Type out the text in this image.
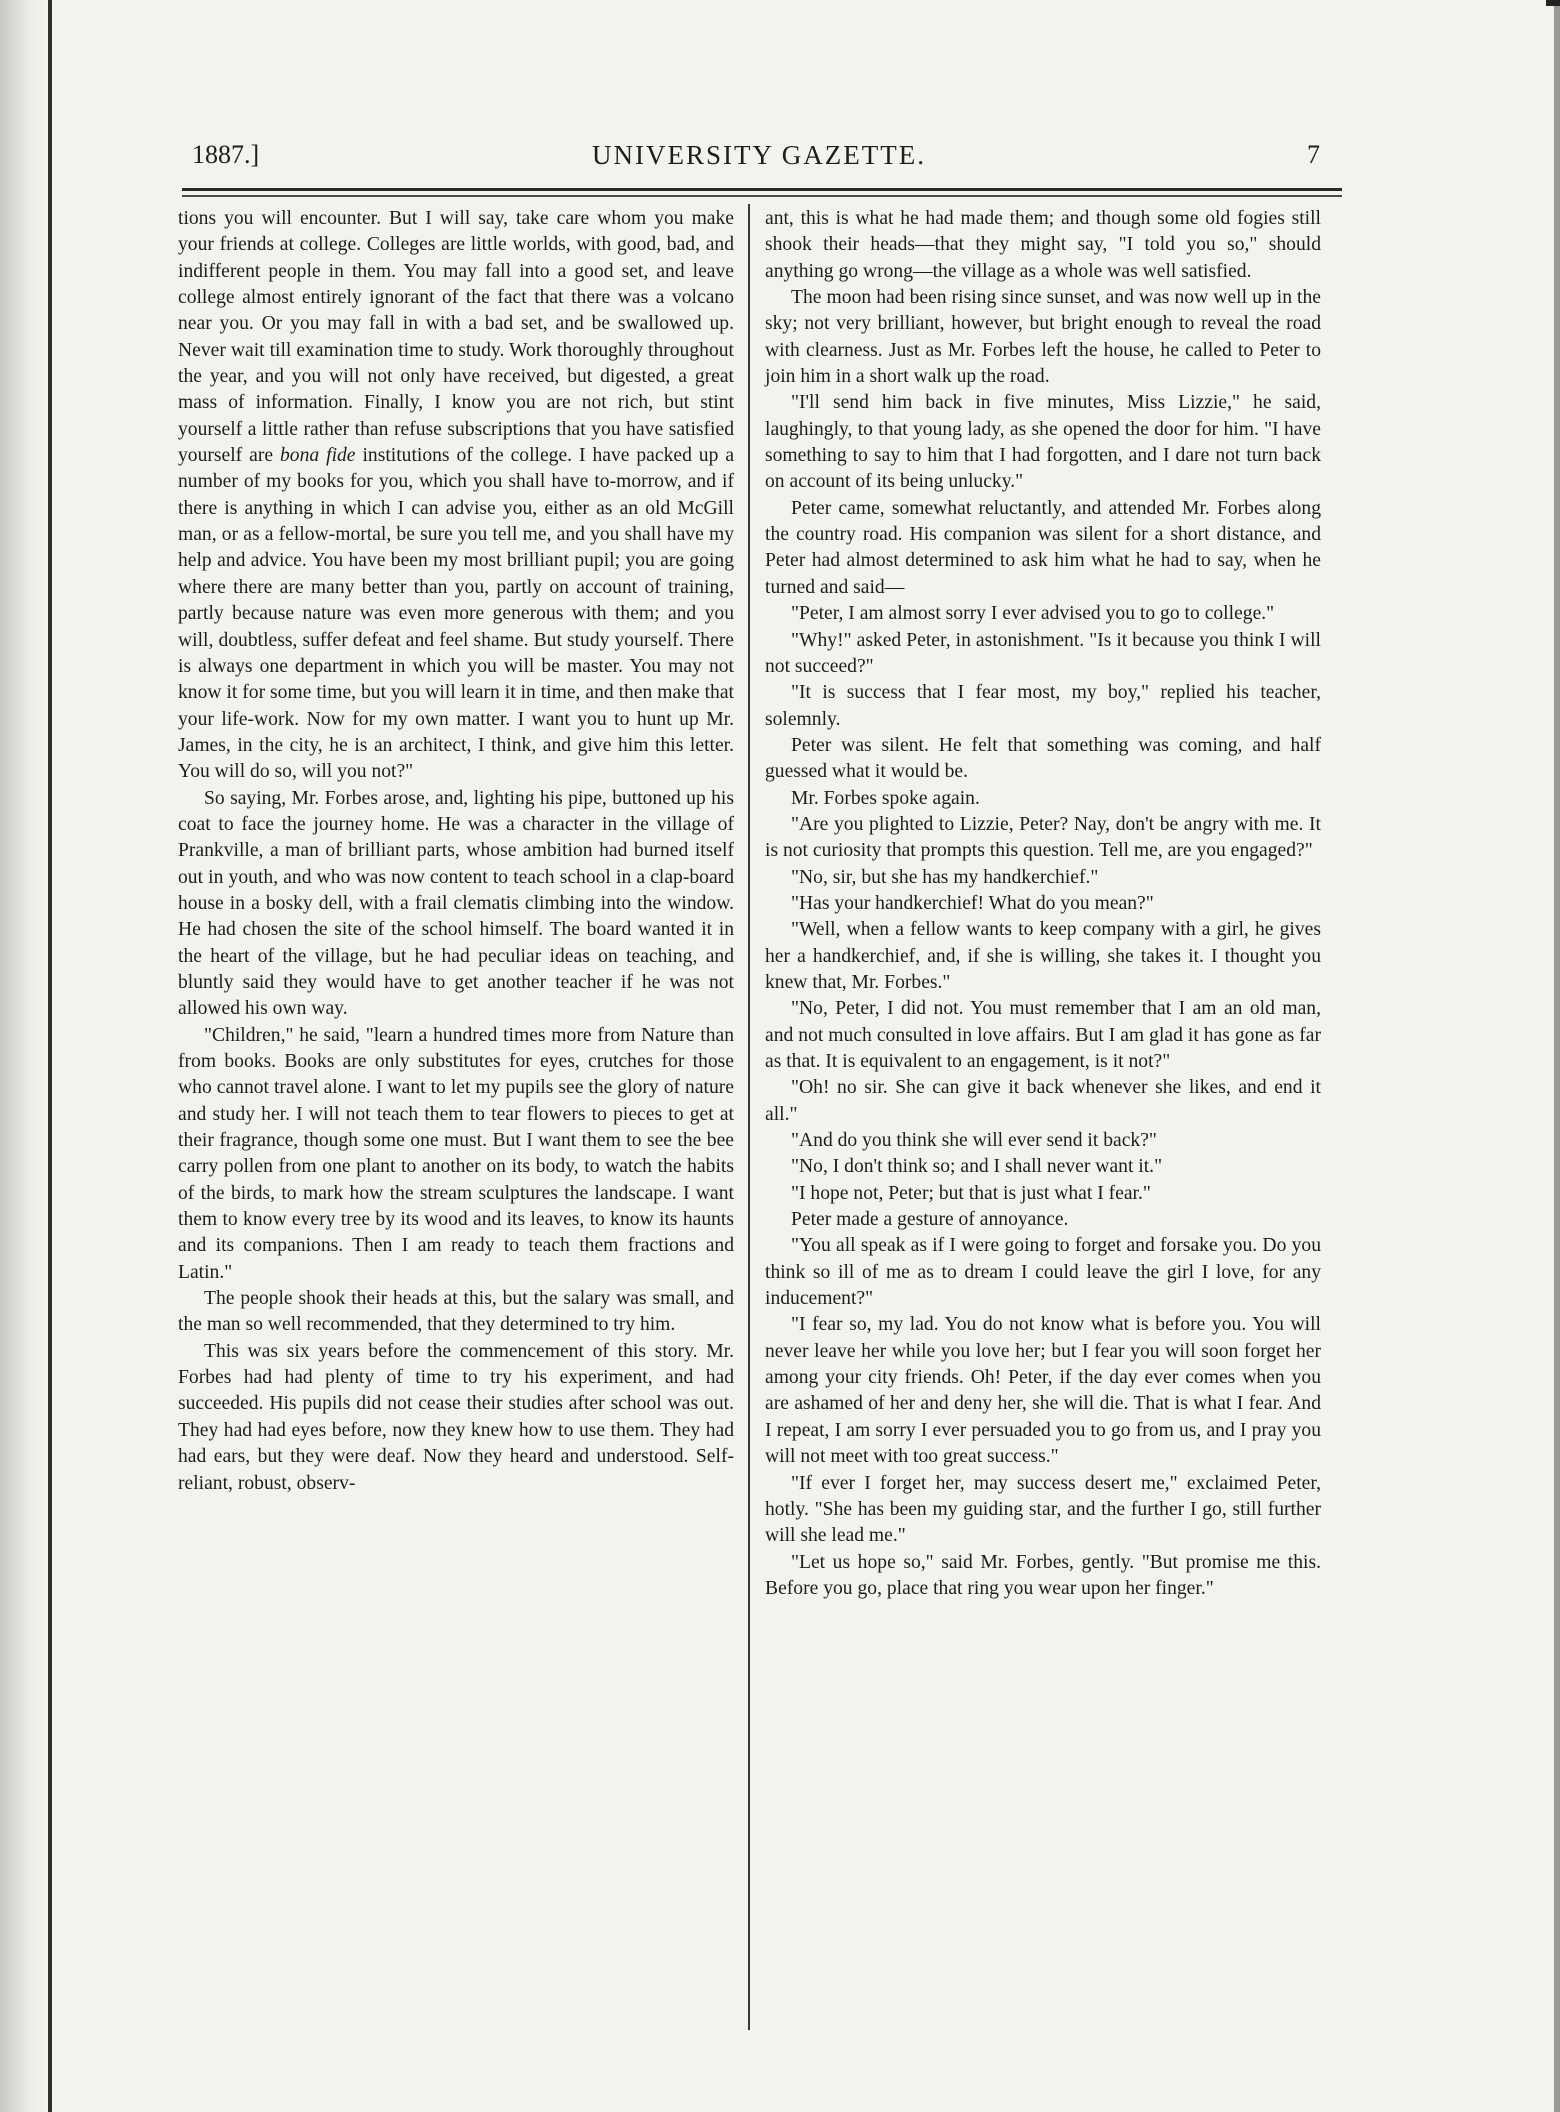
1887.]	UNIVERSITY GAZETTE.	7

tions you will encounter. But I will say, take care whom you make your friends at college. Colleges are little worlds, with good, bad, and indifferent people in them. You may fall into a good set, and leave college almost entirely ignorant of the fact that there was a volcano near you. Or you may fall in with a bad set, and be swallowed up. Never wait till examination time to study. Work thoroughly throughout the year, and you will not only have received, but digested, a great mass of information. Finally, I know you are not rich, but stint yourself a little rather than refuse subscriptions that you have satisfied yourself are bona fide institutions of the college. I have packed up a number of my books for you, which you shall have to-morrow, and if there is anything in which I can advise you, either as an old McGill man, or as a fellow-mortal, be sure you tell me, and you shall have my help and advice. You have been my most brilliant pupil; you are going where there are many better than you, partly on account of training, partly because nature was even more generous with them; and you will, doubtless, suffer defeat and feel shame. But study yourself. There is always one department in which you will be master. You may not know it for some time, but you will learn it in time, and then make that your life-work. Now for my own matter. I want you to hunt up Mr. James, in the city, he is an architect, I think, and give him this letter. You will do so, will you not?"

So saying, Mr. Forbes arose, and, lighting his pipe, buttoned up his coat to face the journey home. He was a character in the village of Prankville, a man of brilliant parts, whose ambition had burned itself out in youth, and who was now content to teach school in a clap-board house in a bosky dell, with a frail clematis climbing into the window. He had chosen the site of the school himself. The board wanted it in the heart of the village, but he had peculiar ideas on teaching, and bluntly said they would have to get another teacher if he was not allowed his own way.

"Children," he said, "learn a hundred times more from Nature than from books. Books are only substitutes for eyes, crutches for those who cannot travel alone. I want to let my pupils see the glory of nature and study her. I will not teach them to tear flowers to pieces to get at their fragrance, though some one must. But I want them to see the bee carry pollen from one plant to another on its body, to watch the habits of the birds, to mark how the stream sculptures the landscape. I want them to know every tree by its wood and its leaves, to know its haunts and its companions. Then I am ready to teach them fractions and Latin."

The people shook their heads at this, but the salary was small, and the man so well recommended, that they determined to try him.

This was six years before the commencement of this story. Mr. Forbes had had plenty of time to try his experiment, and had succeeded. His pupils did not cease their studies after school was out. They had had eyes before, now they knew how to use them. They had had ears, but they were deaf. Now they heard and understood. Self-reliant, robust, observ-

ant, this is what he had made them; and though some old fogies still shook their heads—that they might say, "I told you so," should anything go wrong—the village as a whole was well satisfied.

The moon had been rising since sunset, and was now well up in the sky; not very brilliant, however, but bright enough to reveal the road with clearness. Just as Mr. Forbes left the house, he called to Peter to join him in a short walk up the road.

"I'll send him back in five minutes, Miss Lizzie," he said, laughingly, to that young lady, as she opened the door for him. "I have something to say to him that I had forgotten, and I dare not turn back on account of its being unlucky."

Peter came, somewhat reluctantly, and attended Mr. Forbes along the country road. His companion was silent for a short distance, and Peter had almost determined to ask him what he had to say, when he turned and said—

"Peter, I am almost sorry I ever advised you to go to college."

"Why!" asked Peter, in astonishment. "Is it because you think I will not succeed?"

"It is success that I fear most, my boy," replied his teacher, solemnly.

Peter was silent. He felt that something was coming, and half guessed what it would be.

Mr. Forbes spoke again.

"Are you plighted to Lizzie, Peter? Nay, don't be angry with me. It is not curiosity that prompts this question. Tell me, are you engaged?"

"No, sir, but she has my handkerchief."

"Has your handkerchief! What do you mean?"

"Well, when a fellow wants to keep company with a girl, he gives her a handkerchief, and, if she is willing, she takes it. I thought you knew that, Mr. Forbes."

"No, Peter, I did not. You must remember that I am an old man, and not much consulted in love affairs. But I am glad it has gone as far as that. It is equivalent to an engagement, is it not?"

"Oh! no sir. She can give it back whenever she likes, and end it all."

"And do you think she will ever send it back?"

"No, I don't think so; and I shall never want it."

"I hope not, Peter; but that is just what I fear."

Peter made a gesture of annoyance.

"You all speak as if I were going to forget and forsake you. Do you think so ill of me as to dream I could leave the girl I love, for any inducement?"

"I fear so, my lad. You do not know what is before you. You will never leave her while you love her; but I fear you will soon forget her among your city friends. Oh! Peter, if the day ever comes when you are ashamed of her and deny her, she will die. That is what I fear. And I repeat, I am sorry I ever persuaded you to go from us, and I pray you will not meet with too great success."

"If ever I forget her, may success desert me," exclaimed Peter, hotly. "She has been my guiding star, and the further I go, still further will she lead me."

"Let us hope so," said Mr. Forbes, gently. "But promise me this. Before you go, place that ring you wear upon her finger."
